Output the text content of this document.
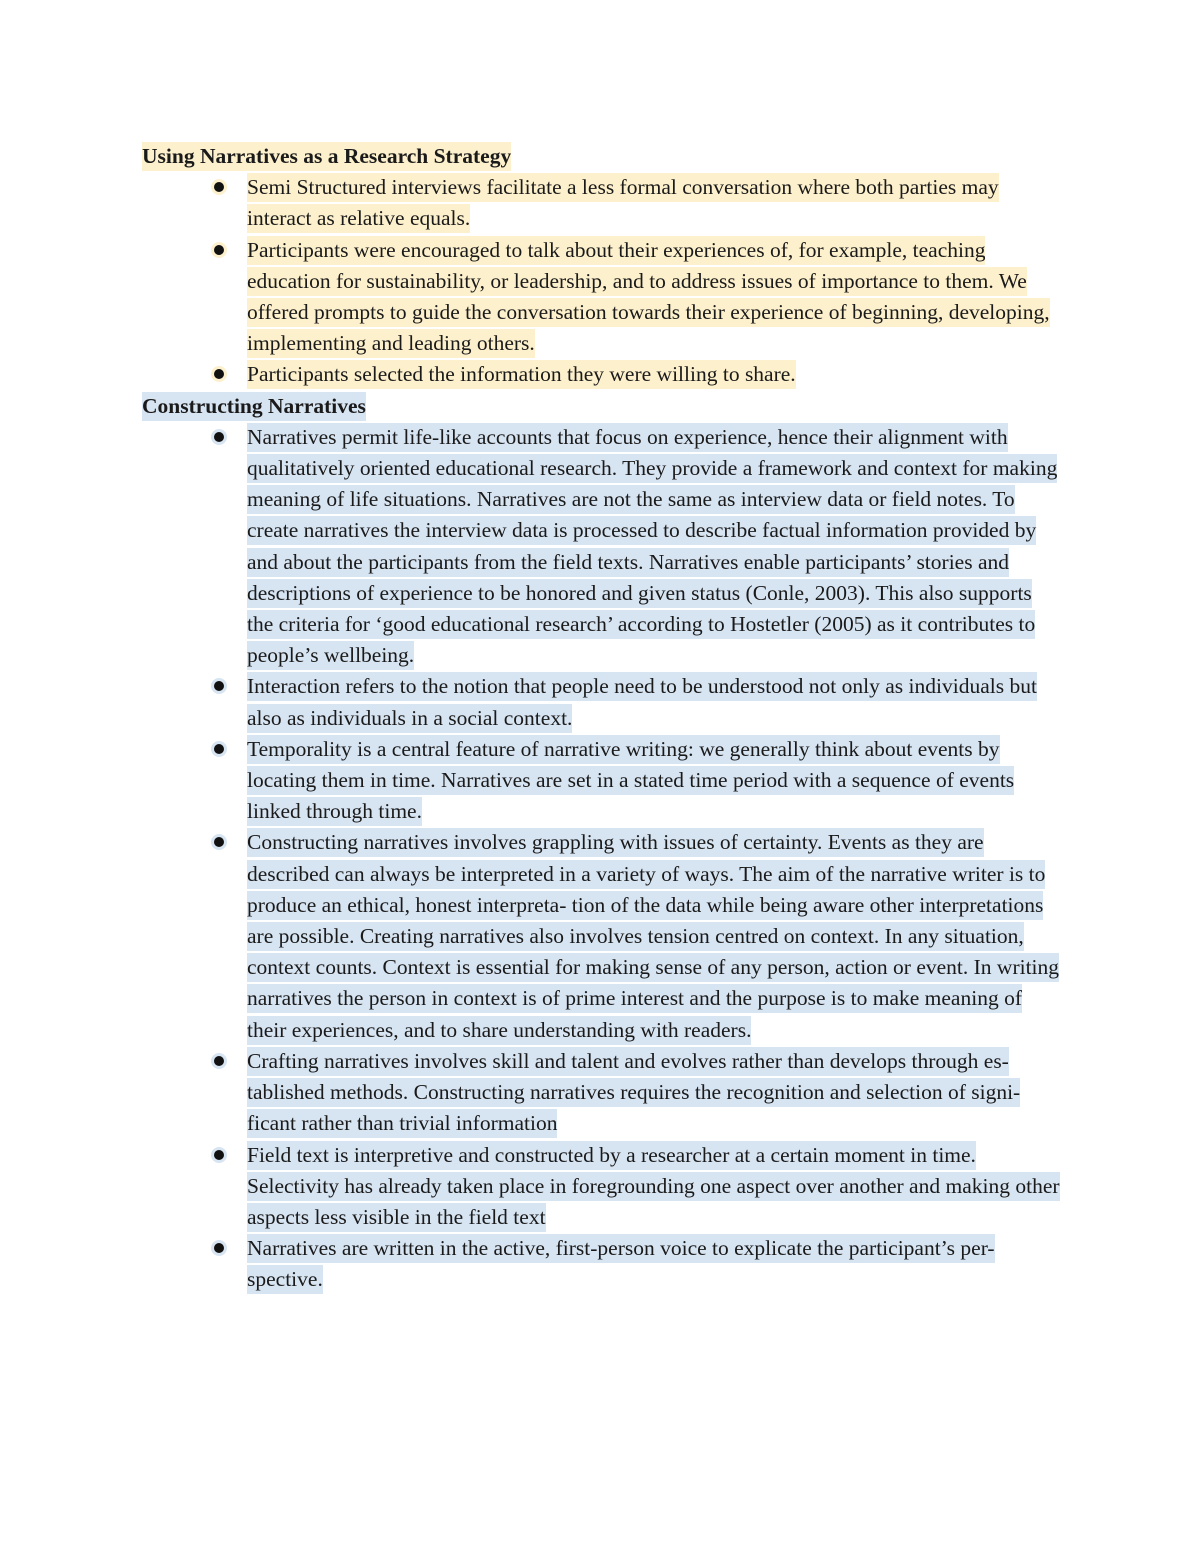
Using Narratives as a Research Strategy
Semi Structured interviews facilitate a less formal conversation where both parties may interact as relative equals.
Participants were encouraged to talk about their experiences of, for example, teaching education for sustainability, or leadership, and to address issues of importance to them. We offered prompts to guide the conversation towards their experience of beginning, developing, implementing and leading others.
Participants selected the information they were willing to share.
Constructing Narratives
Narratives permit life-like accounts that focus on experience, hence their alignment with qualitatively oriented educational research. They provide a framework and context for making meaning of life situations. Narratives are not the same as interview data or field notes. To create narratives the interview data is processed to describe factual information provided by and about the participants from the field texts. Narratives enable participants’ stories and descriptions of experience to be honored and given status (Conle, 2003). This also supports the criteria for ‘good educational research’ according to Hostetler (2005) as it contributes to people’s wellbeing.
Interaction refers to the notion that people need to be understood not only as individuals but also as individuals in a social context.
Temporality is a central feature of narrative writing: we generally think about events by locating them in time. Narratives are set in a stated time period with a sequence of events linked through time.
Constructing narratives involves grappling with issues of certainty. Events as they are described can always be interpreted in a variety of ways. The aim of the narrative writer is to produce an ethical, honest interpreta- tion of the data while being aware other interpretations are possible. Creating narratives also involves tension centred on context. In any situation, context counts. Context is essential for making sense of any person, action or event. In writing narratives the person in context is of prime interest and the purpose is to make meaning of their experiences, and to share understanding with readers.
Crafting narratives involves skill and talent and evolves rather than develops through es- tablished methods. Constructing narratives requires the recognition and selection of signi- ficant rather than trivial information
Field text is interpretive and constructed by a researcher at a certain moment in time. Selectivity has already taken place in foregrounding one aspect over another and making other aspects less visible in the field text
Narratives are written in the active, first-person voice to explicate the participant’s per- spective.
